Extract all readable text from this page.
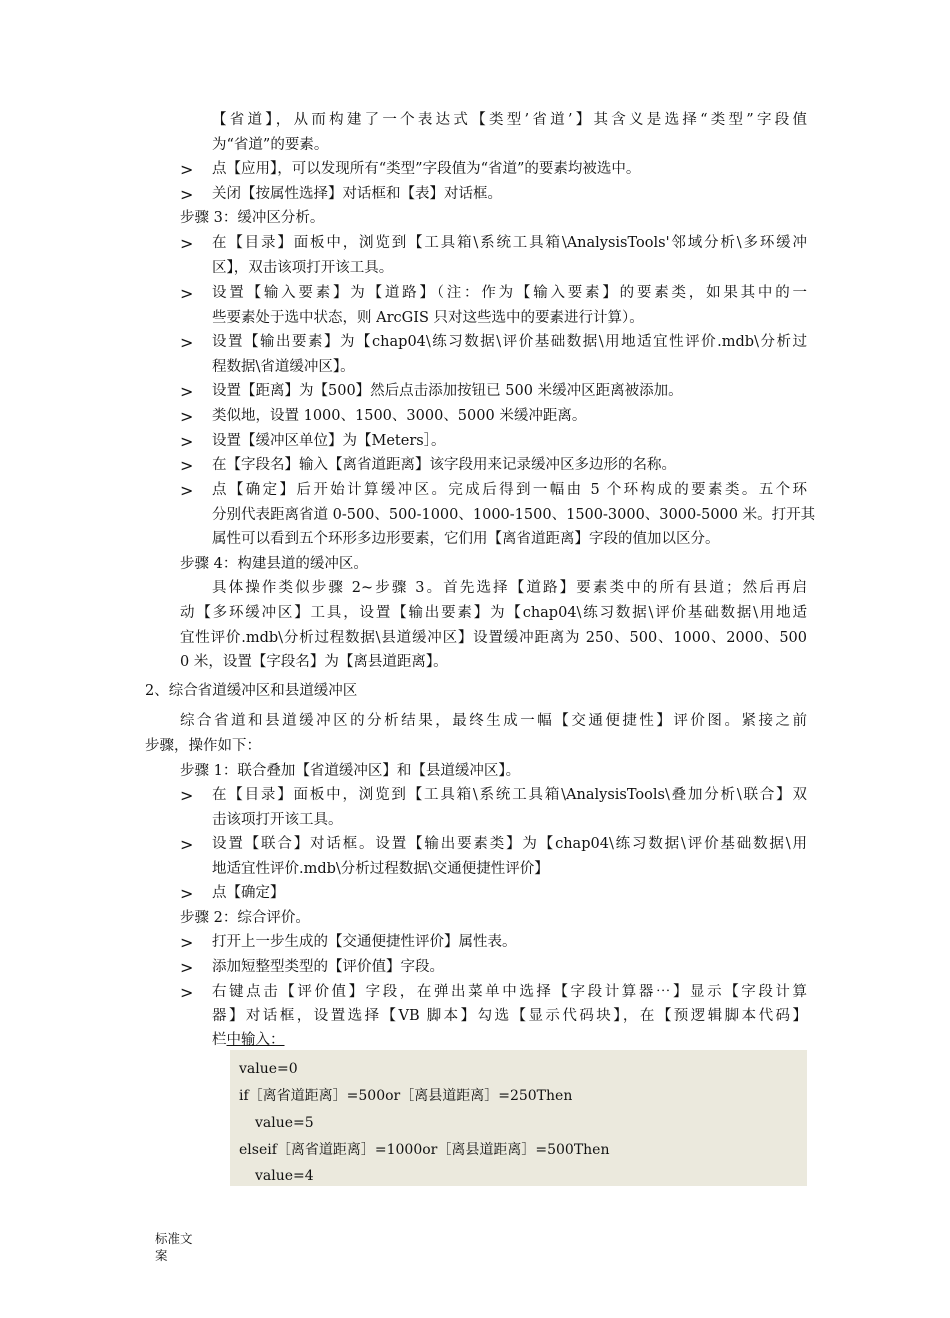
【省道】，从而构建了一个表达式【类型’省道’】其含义是选择“类型”字段值
为“省道”的要素。
> 点【应用】，可以发现所有“类型”字段值为“省道”的要素均被选中。
> 关闭【按属性选择】对话框和【表】对话框。
步骤 3：缓冲区分析。
> 在【目录】面板中，浏览到【工具箱\系统工具箱\AnalysisTools'邻域分析\多环缓冲
区】，双击该项打开该工具。
> 设置【输入要素】为【道路】（注：作为【输入要素】的要素类，如果其中的一
些要素处于选中状态，则 ArcGIS 只对这些选中的要素进行计算）。
> 设置【输出要素】为【chap04\练习数据\评价基础数据\用地适宜性评价.mdb\分析过
程数据\省道缓冲区】。
> 设置【距离】为【500】然后点击添加按钮已 500 米缓冲区距离被添加。
> 类似地，设置 1000、1500、3000、5000 米缓冲距离。
> 设置【缓冲区单位】为【Meters］。
> 在【字段名】输入【离省道距离】该字段用来记录缓冲区多边形的名称。
> 点【确定】后开始计算缓冲区。完成后得到一幅由 5 个环构成的要素类。五个环
分别代表距离省道 0-500、500-1000、1000-1500、1500-3000、3000-5000 米。打开其
属性可以看到五个环形多边形要素，它们用【离省道距离】字段的值加以区分。
步骤 4：构建县道的缓冲区。
具体操作类似步骤 2~步骤 3。首先选择【道路】要素类中的所有县道；然后再启
动【多环缓冲区】工具，设置【输出要素】为【chap04\练习数据\评价基础数据\用地适
宜性评价.mdb\分析过程数据\县道缓冲区】设置缓冲距离为 250、500、1000、2000、500
0 米，设置【字段名】为【离县道距离】。
2、综合省道缓冲区和县道缓冲区
综合省道和县道缓冲区的分析结果，最终生成一幅【交通便捷性】评价图。紧接之前
步骤，操作如下：
步骤 1：联合叠加【省道缓冲区】和【县道缓冲区】。
> 在【目录】面板中，浏览到【工具箱\系统工具箱\AnalysisTools\叠加分析\联合】双
击该项打开该工具。
> 设置【联合】对话框。设置【输出要素类】为【chap04\练习数据\评价基础数据\用
地适宜性评价.mdb\分析过程数据\交通便捷性评价】
> 点【确定】
步骤 2：综合评价。
> 打开上一步生成的【交通便捷性评价】属性表。
> 添加短整型类型的【评价值】字段。
> 右键点击【评价值】字段，在弹出菜单中选择【字段计算器⋯】显示【字段计算
器】对话框，设置选择【VB 脚本】勾选【显示代码块】，在【预逻辑脚本代码】
栏中输入：
value=0
if［离省道距离］=500or［离县道距离］=250Then
value=5
elseif［离省道距离］=1000or［离县道距离］=500Then
value=4
标准文
案
